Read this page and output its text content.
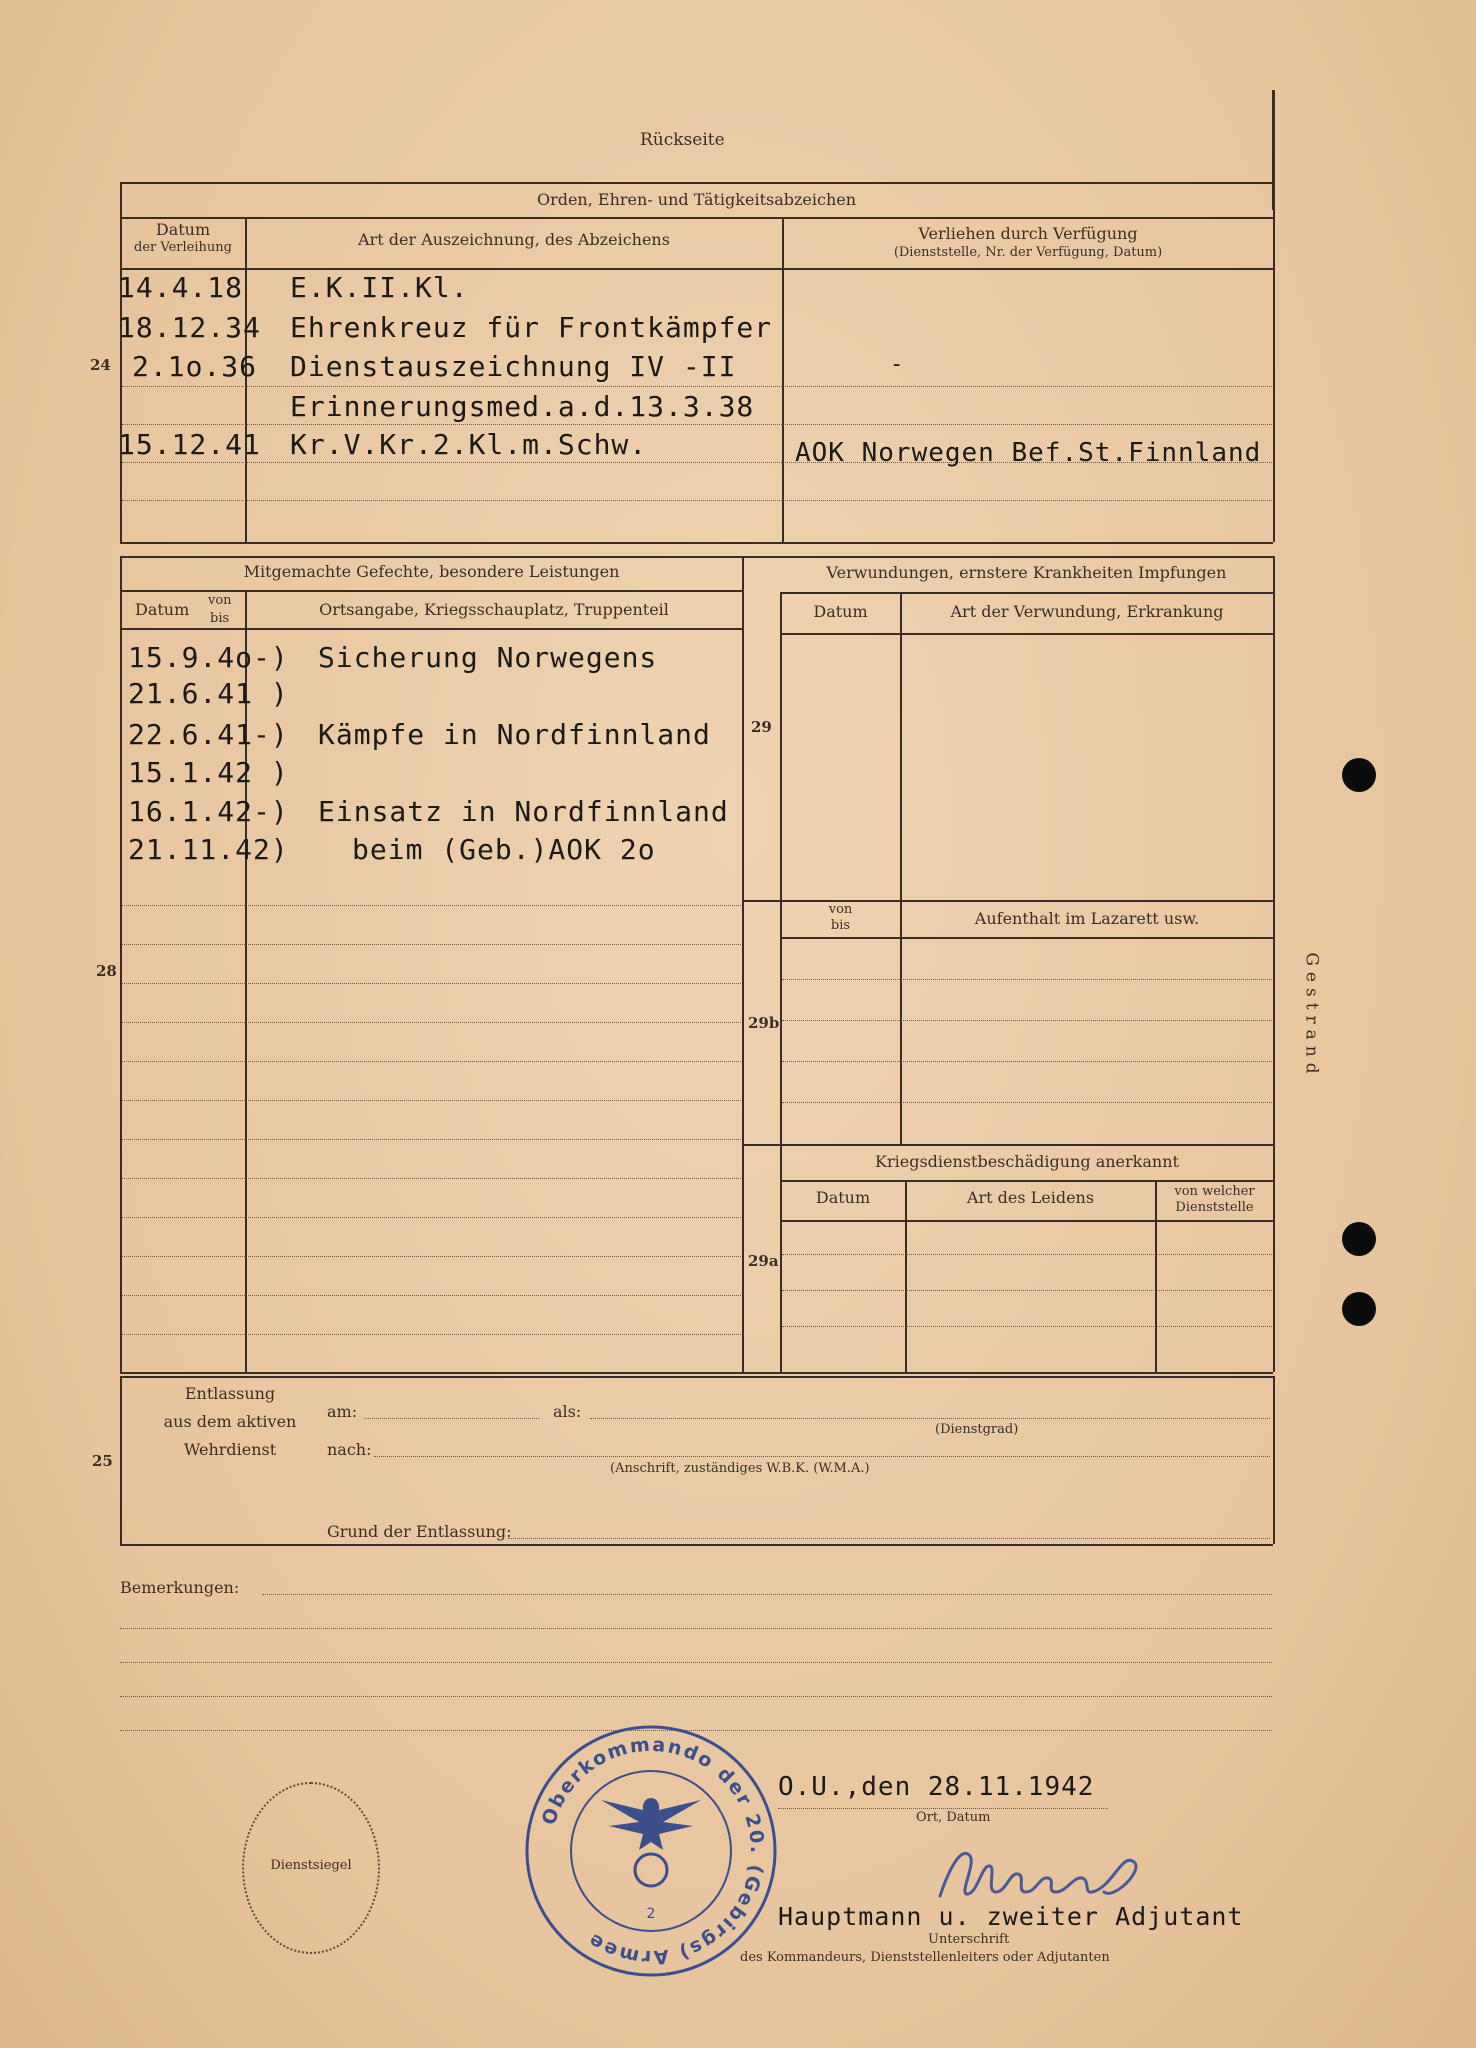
Rückseite
Orden, Ehren- und Tätigkeitsabzeichen
Datum
der Verleihung	Art der Auszeichnung, des Abzeichens	Verliehen durch Verfügung
(Dienststelle, Nr. der Verfügung, Datum)
24
14.4.18 E.K.II.Kl.
18.12.34 Ehrenkreuz für Frontkämpfer
2.1o.36 Dienstauszeichnung IV -II	-
Erinnerungsmed.a.d.13.3.38
15.12.41 Kr.V.Kr.2.Kl.m.Schw.	AOK Norwegen Bef.St.Finnland
Mitgemachte Gefechte, besondere Leistungen
Datum von
bis	Ortsangabe, Kriegsschauplatz, Truppenteil
28
15.9.4o-) Sicherung Norwegens
21.6.41 )
22.6.41-) Kämpfe in Nordfinnland
15.1.42 )
16.1.42-) Einsatz in Nordfinnland
21.11.42) beim (Geb.)AOK 2o
Verwundungen, ernstere Krankheiten Impfungen
Datum	Art der Verwundung, Erkrankung
29
von
bis	Aufenthalt im Lazarett usw.
29b
Kriegsdienstbeschädigung anerkannt
Datum	Art des Leidens	von welcher
Dienststelle
29a
Entlassung
aus dem aktiven
Wehrdienst
25
am:	als:
(Dienstgrad)
nach:
(Anschrift, zuständiges W.B.K. (W.M.A.)
Grund der Entlassung:
Bemerkungen:
Gestrand
Dienstsiegel
Oberkommando der 20. (Gebirgs) Armee
2
O.U.,den 28.11.1942
Ort, Datum
Hauptmann u. zweiter Adjutant
Unterschrift
des Kommandeurs, Dienststellenleiters oder Adjutanten
